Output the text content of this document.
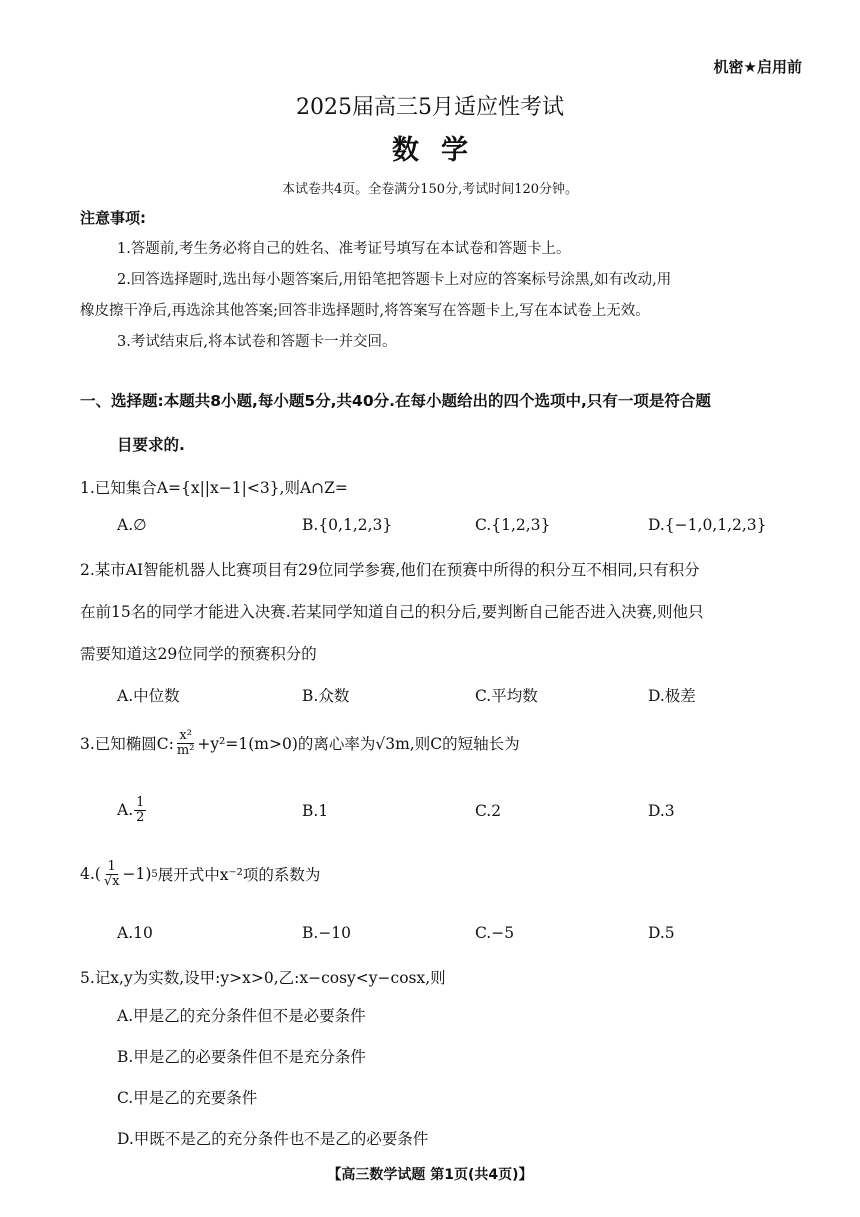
机密★启用前
2025届高三5月适应性考试
数学
本试卷共4页。全卷满分150分,考试时间120分钟。
注意事项:
1.答题前,考生务必将自己的姓名、准考证号填写在本试卷和答题卡上。
2.回答选择题时,选出每小题答案后,用铅笔把答题卡上对应的答案标号涂黑,如有改动,用
橡皮擦干净后,再选涂其他答案;回答非选择题时,将答案写在答题卡上,写在本试卷上无效。
3.考试结束后,将本试卷和答题卡一并交回。
一、选择题:本题共8小题,每小题5分,共40分.在每小题给出的四个选项中,只有一项是符合题
目要求的.
1.已知集合A={x||x−1|<3},则A∩Z=
A.∅	B.{0,1,2,3}	C.{1,2,3}	D.{−1,0,1,2,3}
2.某市AI智能机器人比赛项目有29位同学参赛,他们在预赛中所得的积分互不相同,只有积分
在前15名的同学才能进入决赛.若某同学知道自己的积分后,要判断自己能否进入决赛,则他只
需要知道这29位同学的预赛积分的
A.中位数	B.众数	C.平均数	D.极差
3.已知椭圆C: $\frac{\text{x²}}{\text{m²}} +y^2=1(m>0)$的离心率为√3m,则C的短轴长为
A. $\frac{1}{2}$	B.1	C.2	D.3
$4.( \frac{1}{√x} -1)$ 5 展开式中x⁻²项的系数为
A.10	B.−10	C.−5	D.5
5.记x,y为实数,设甲:y>x>0,乙:x−cosy<y−cosx,则
A.甲是乙的充分条件但不是必要条件
B.甲是乙的必要条件但不是充分条件
C.甲是乙的充要条件
D.甲既不是乙的充分条件也不是乙的必要条件
【高三数学试题 第1页(共4页)】
